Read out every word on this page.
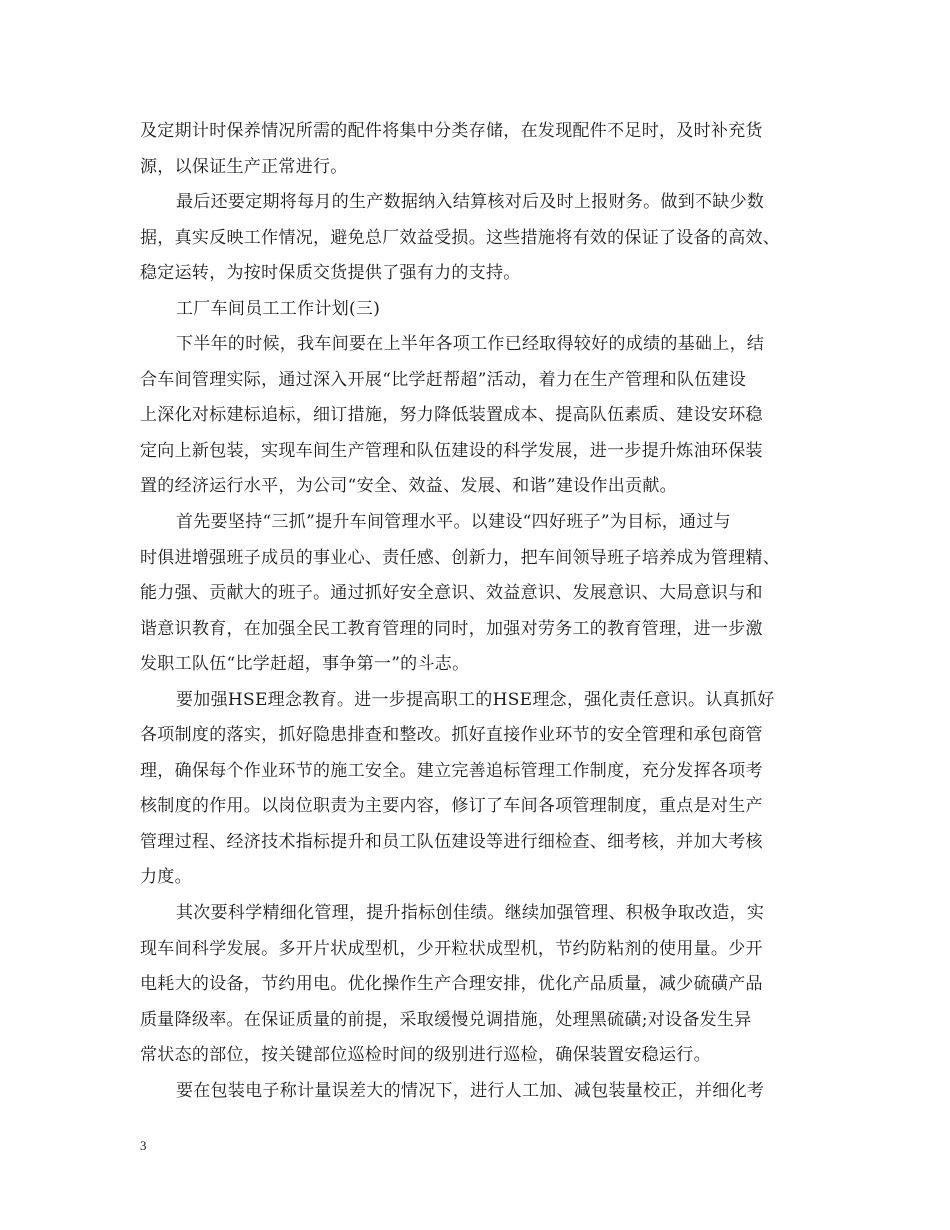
及定期计时保养情况所需的配件将集中分类存储，在发现配件不足时，及时补充货
源，以保证生产正常进行。
最后还要定期将每月的生产数据纳入结算核对后及时上报财务。做到不缺少数
据，真实反映工作情况，避免总厂效益受损。这些措施将有效的保证了设备的高效、
稳定运转，为按时保质交货提供了强有力的支持。
工厂车间员工工作计划(三)
下半年的时候，我车间要在上半年各项工作已经取得较好的成绩的基础上，结
合车间管理实际，通过深入开展“比学赶帮超”活动，着力在生产管理和队伍建设
上深化对标建标追标，细订措施，努力降低装置成本、提高队伍素质、建设安环稳
定向上新包装，实现车间生产管理和队伍建设的科学发展，进一步提升炼油环保装
置的经济运行水平，为公司“安全、效益、发展、和谐”建设作出贡献。
首先要坚持“三抓”提升车间管理水平。以建设“四好班子”为目标，通过与
时俱进增强班子成员的事业心、责任感、创新力，把车间领导班子培养成为管理精、
能力强、贡献大的班子。通过抓好安全意识、效益意识、发展意识、大局意识与和
谐意识教育，在加强全民工教育管理的同时，加强对劳务工的教育管理，进一步激
发职工队伍“比学赶超，事争第一”的斗志。
要加强HSE理念教育。进一步提高职工的HSE理念，强化责任意识。认真抓好
各项制度的落实，抓好隐患排查和整改。抓好直接作业环节的安全管理和承包商管
理，确保每个作业环节的施工安全。建立完善追标管理工作制度，充分发挥各项考
核制度的作用。以岗位职责为主要内容，修订了车间各项管理制度，重点是对生产
管理过程、经济技术指标提升和员工队伍建设等进行细检查、细考核，并加大考核
力度。
其次要科学精细化管理，提升指标创佳绩。继续加强管理、积极争取改造，实
现车间科学发展。多开片状成型机，少开粒状成型机，节约防粘剂的使用量。少开
电耗大的设备，节约用电。优化操作生产合理安排，优化产品质量，减少硫磺产品
质量降级率。在保证质量的前提，采取缓慢兑调措施，处理黑硫磺;对设备发生异
常状态的部位，按关键部位巡检时间的级别进行巡检，确保装置安稳运行。
要在包装电子称计量误差大的情况下，进行人工加、减包装量校正，并细化考
3
